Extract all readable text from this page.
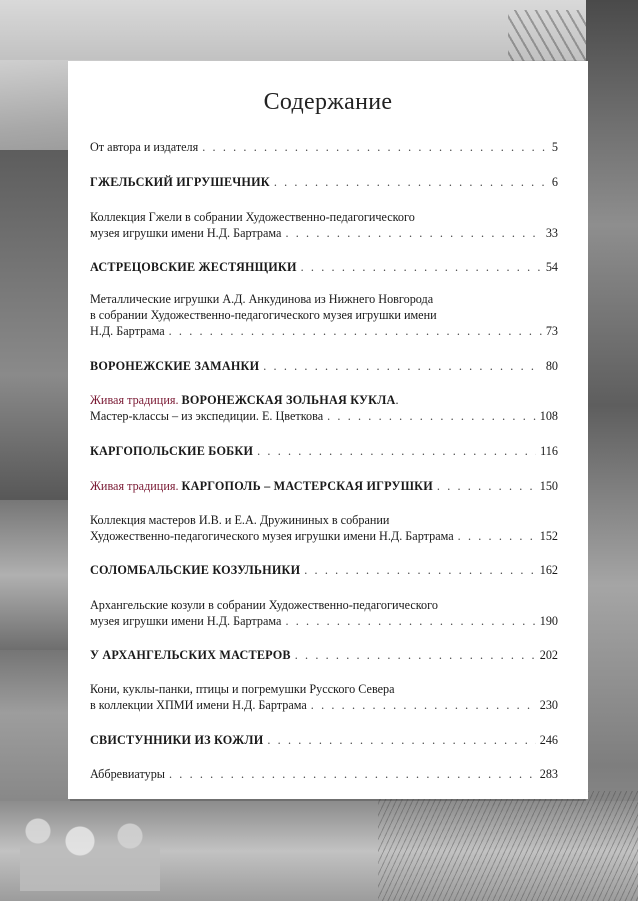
Содержание
От автора и издателя . . .	5
ГЖЕЛЬСКИЙ ИГРУШЕЧНИК . . .	6
Коллекция Гжели в собрании Художественно-педагогического
музея игрушки имени Н.Д. Бартрама . . .	33
АСТРЕЦОВСКИЕ ЖЕСТЯНЩИКИ . . .	54
Металлические игрушки А.Д. Анкудинова из Нижнего Новгорода
в собрании Художественно-педагогического музея игрушки имени
Н.Д. Бартрама . . .	73
ВОРОНЕЖСКИЕ ЗАМАНКИ . . .	80
Живая традиция. ВОРОНЕЖСКАЯ ЗОЛЬНАЯ КУКЛА.
Мастер-классы – из экспедиции. Е. Цветкова . . .	108
КАРГОПОЛЬСКИЕ БОБКИ . . .	116
Живая традиция. КАРГОПОЛЬ – МАСТЕРСКАЯ ИГРУШКИ . . .	150
Коллекция мастеров И.В. и Е.А. Дружининых в собрании
Художественно-педагогического музея игрушки имени Н.Д. Бартрама . . .	152
СОЛОМБАЛЬСКИЕ КОЗУЛЬНИКИ . . .	162
Архангельские козули в собрании Художественно-педагогического
музея игрушки имени Н.Д. Бартрама . . .	190
У АРХАНГЕЛЬСКИХ МАСТЕРОВ . . .	202
Кони, куклы-панки, птицы и погремушки Русского Севера
в коллекции ХПМИ имени Н.Д. Бартрама . . .	230
СВИСТУННИКИ ИЗ КОЖЛИ . . .	246
Аббревиатуры . . .	283
